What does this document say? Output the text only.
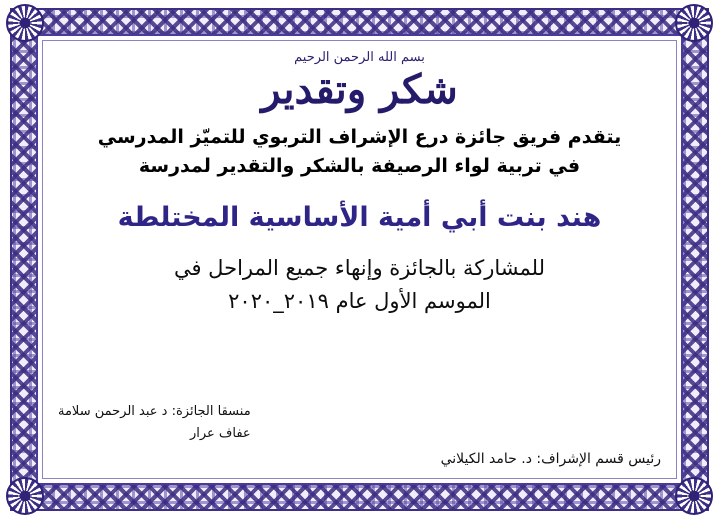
بسم الله الرحمن الرحيم
شكر وتقدير
يتقدم فريق جائزة درع الإشراف التربوي للتميّز المدرسي
في تربية لواء الرصيفة بالشكر والتقدير لمدرسة
هند بنت أبي أمية الأساسية المختلطة
للمشاركة بالجائزة وإنهاء جميع المراحل في
الموسم الأول عام ٢٠١٩_٢٠٢٠
منسقا الجائزة: د عبد الرحمن سلامة
عفاف عرار
رئيس قسم الإشراف: د. حامد الكيلاني
